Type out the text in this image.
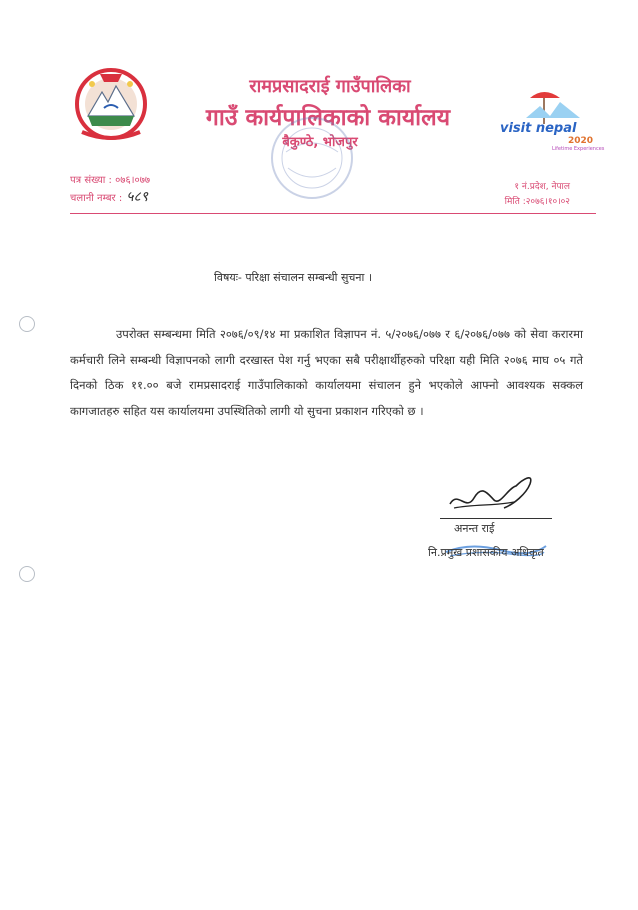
रामप्रसादराई गाउँपालिका
गाउँ कार्यपालिकाको कार्यालय
बैकुण्ठे, भोजपुर
visit nepal
2020
Lifetime Experiences
पत्र संख्या : ०७६।०७७
चलानी नम्बर : ५८९
१ नं.प्रदेश, नेपाल
मिति :२०७६।१०।०२
विषयः- परिक्षा संचालन सम्बन्धी सुचना ।

उपरोक्त सम्बन्धमा मिति २०७६/०९/१४ मा प्रकाशित विज्ञापन नं. ५/२०७६/०७७ र ६/२०७६/०७७ को सेवा करारमा कर्मचारी लिने सम्बन्धी विज्ञापनको लागी दरखास्त पेश गर्नु भएका सबै परीक्षार्थीहरुको परिक्षा यही मिति २०७६ माघ ०५ गते दिनको ठिक ११.०० बजे रामप्रसादराई गाउँपालिकाको कार्यालयमा संचालन हुने भएकोले आफ्नो आवश्यक सक्कल कागजातहरु सहित यस कार्यालयमा उपस्थितिको लागी यो सुचना प्रकाशन गरिएको छ ।

अनन्त राई
नि.प्रमुख प्रशासकीय अधिकृत
